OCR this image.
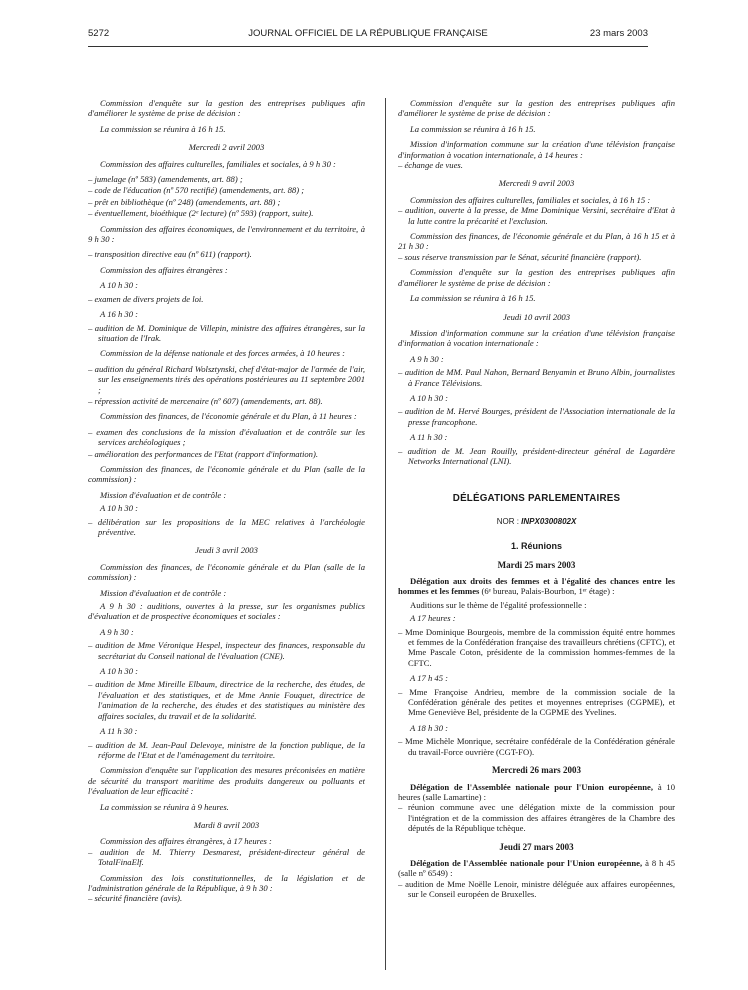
5272	JOURNAL OFFICIEL DE LA RÉPUBLIQUE FRANÇAISE	23 mars 2003

Commission d'enquête sur la gestion des entreprises publiques afin d'améliorer le système de prise de décision :

La commission se réunira à 16 h 15.

Mercredi 2 avril 2003

Commission des affaires culturelles, familiales et sociales, à 9 h 30 :

– jumelage (nº 583) (amendements, art. 88) ;
– code de l'éducation (nº 570 rectifié) (amendements, art. 88) ;
– prêt en bibliothèque (nº 248) (amendements, art. 88) ;
– éventuellement, bioéthique (2ᵉ lecture) (nº 593) (rapport, suite).

Commission des affaires économiques, de l'environnement et du territoire, à 9 h 30 :

– transposition directive eau (nº 611) (rapport).

Commission des affaires étrangères :

A 10 h 30 :

– examen de divers projets de loi.

A 16 h 30 :

– audition de M. Dominique de Villepin, ministre des affaires étrangères, sur la situation de l'Irak.

Commission de la défense nationale et des forces armées, à 10 heures :

– audition du général Richard Wolsztynski, chef d'état-major de l'armée de l'air, sur les enseignements tirés des opérations postérieures au 11 septembre 2001 ;
– répression activité de mercenaire (nº 607) (amendements, art. 88).

Commission des finances, de l'économie générale et du Plan, à 11 heures :

– examen des conclusions de la mission d'évaluation et de contrôle sur les services archéologiques ;
– amélioration des performances de l'Etat (rapport d'information).

Commission des finances, de l'économie générale et du Plan (salle de la commission) :

Mission d'évaluation et de contrôle :

A 10 h 30 :

– délibération sur les propositions de la MEC relatives à l'archéologie préventive.
Jeudi 3 avril 2003

Commission des finances, de l'économie générale et du Plan (salle de la commission) :

Mission d'évaluation et de contrôle :

A 9 h 30 : auditions, ouvertes à la presse, sur les organismes publics d'évaluation et de prospective économiques et sociales :

A 9 h 30 :

– audition de Mme Véronique Hespel, inspecteur des finances, responsable du secrétariat du Conseil national de l'évaluation (CNE).

A 10 h 30 :

– audition de Mme Mireille Elbaum, directrice de la recherche, des études, de l'évaluation et des statistiques, et de Mme Annie Fouquet, directrice de l'animation de la recherche, des études et des statistiques au ministère des affaires sociales, du travail et de la solidarité.

A 11 h 30 :

– audition de M. Jean-Paul Delevoye, ministre de la fonction publique, de la réforme de l'Etat et de l'aménagement du territoire.

Commission d'enquête sur l'application des mesures préconisées en matière de sécurité du transport maritime des produits dangereux ou polluants et l'évaluation de leur efficacité :

La commission se réunira à 9 heures.

Mardi 8 avril 2003

Commission des affaires étrangères, à 17 heures :

– audition de M. Thierry Desmarest, président-directeur général de TotalFinaElf.

Commission des lois constitutionnelles, de la législation et de l'administration générale de la République, à 9 h 30 :

– sécurité financière (avis).

Commission d'enquête sur la gestion des entreprises publiques afin d'améliorer le système de prise de décision :

La commission se réunira à 16 h 15.

Mission d'information commune sur la création d'une télévision française d'information à vocation internationale, à 14 heures :

– échange de vues.
Mercredi 9 avril 2003

Commission des affaires culturelles, familiales et sociales, à 16 h 15 :

– audition, ouverte à la presse, de Mme Dominique Versini, secrétaire d'Etat à la lutte contre la précarité et l'exclusion.

Commission des finances, de l'économie générale et du Plan, à 16 h 15 et à 21 h 30 :

– sous réserve transmission par le Sénat, sécurité financière (rapport).

Commission d'enquête sur la gestion des entreprises publiques afin d'améliorer le système de prise de décision :

La commission se réunira à 16 h 15.

Jeudi 10 avril 2003

Mission d'information commune sur la création d'une télévision française d'information à vocation internationale :

A 9 h 30 :

– audition de MM. Paul Nahon, Bernard Benyamin et Bruno Albin, journalistes à France Télévisions.

A 10 h 30 :

– audition de M. Hervé Bourges, président de l'Association internationale de la presse francophone.

A 11 h 30 :

– audition de M. Jean Rouilly, président-directeur général de Lagardère Networks International (LNI).
DÉLÉGATIONS PARLEMENTAIRES
NOR : INPX0300802X
1. Réunions
Mardi 25 mars 2003

Délégation aux droits des femmes et à l'égalité des chances entre les hommes et les femmes (6ᵉ bureau, Palais-Bourbon, 1ᵉʳ étage) :

Auditions sur le thème de l'égalité professionnelle :

A 17 heures :

– Mme Dominique Bourgeois, membre de la commission équité entre hommes et femmes de la Confédération française des travailleurs chrétiens (CFTC), et Mme Pascale Coton, présidente de la commission hommes-femmes de la CFTC.

A 17 h 45 :

– Mme Françoise Andrieu, membre de la commission sociale de la Confédération générale des petites et moyennes entreprises (CGPME), et Mme Geneviève Bel, présidente de la CGPME des Yvelines.

A 18 h 30 :

– Mme Michèle Monrique, secrétaire confédérale de la Confédération générale du travail-Force ouvrière (CGT-FO).
Mercredi 26 mars 2003

Délégation de l'Assemblée nationale pour l'Union européenne, à 10 heures (salle Lamartine) :

– réunion commune avec une délégation mixte de la commission pour l'intégration et de la commission des affaires étrangères de la Chambre des députés de la République tchèque.
Jeudi 27 mars 2003

Délégation de l'Assemblée nationale pour l'Union européenne, à 8 h 45 (salle nº 6549) :

– audition de Mme Noëlle Lenoir, ministre déléguée aux affaires européennes, sur le Conseil européen de Bruxelles.
